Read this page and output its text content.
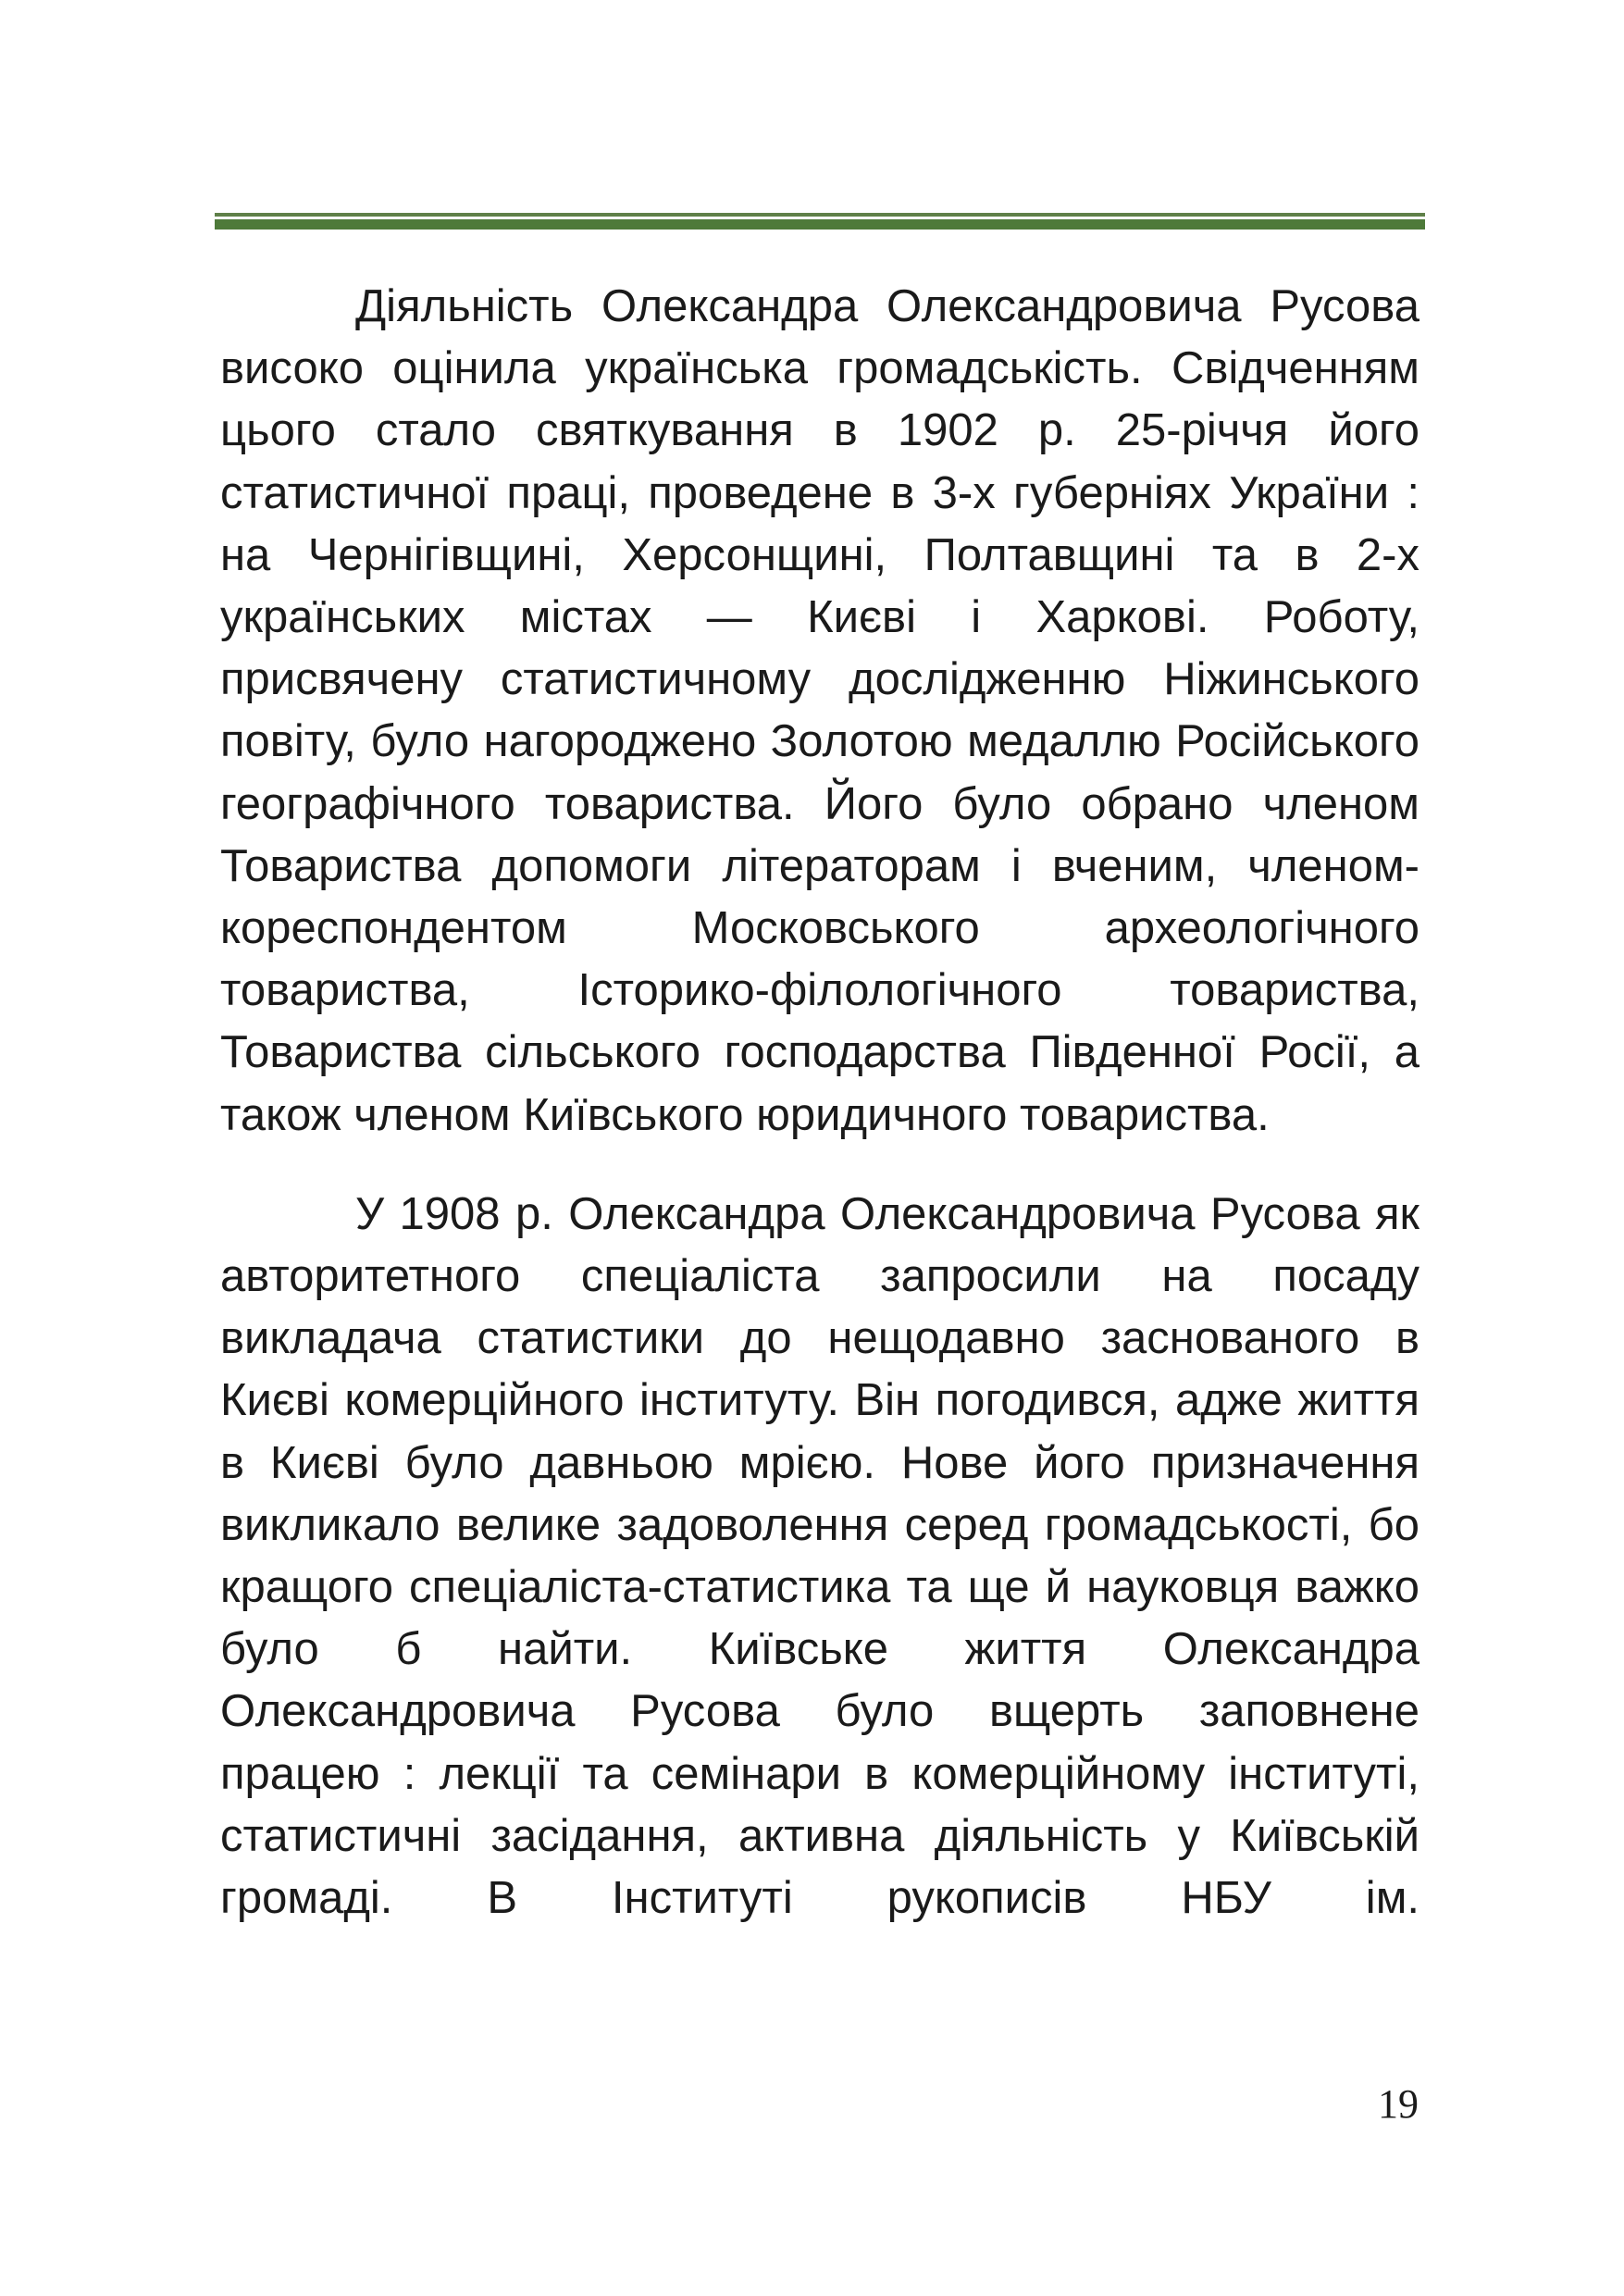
Діяльність Олександра Олександровича Русова високо оцінила українська громадськість. Свідченням цього стало святкування в 1902 р. 25-річчя його статистичної праці, проведене в 3-х губерніях України : на Чернігівщині, Херсонщині, Полтавщині та в 2-х українських містах — Києві і Харкові. Роботу, присвячену статистичному дослідженню Ніжинського повіту, було нагороджено Золотою медаллю Російського географічного товариства. Його було обрано членом Товариства допомоги літераторам і вченим, членом-кореспондентом Московського археологічного товариства, Історико-філологічного товариства, Товариства сільського господарства Південної Росії, а також членом Київського юридичного товариства.

У 1908 р. Олександра Олександровича Русова як авторитетного спеціаліста запросили на посаду викладача статистики до нещодавно заснованого в Києві комерційного інституту. Він погодився, адже життя в Києві було давньою мрією. Нове його призначення викликало велике задоволення серед громадськості, бо кращого спеціаліста-статистика та ще й науковця важко було б найти. Київське життя Олександра Олександровича Русова було вщерть заповнене працею : лекції та семінари в комерційному інституті, статистичні засідання, активна діяльність у Київській громаді. В Інституті рукописів НБУ ім.

19
